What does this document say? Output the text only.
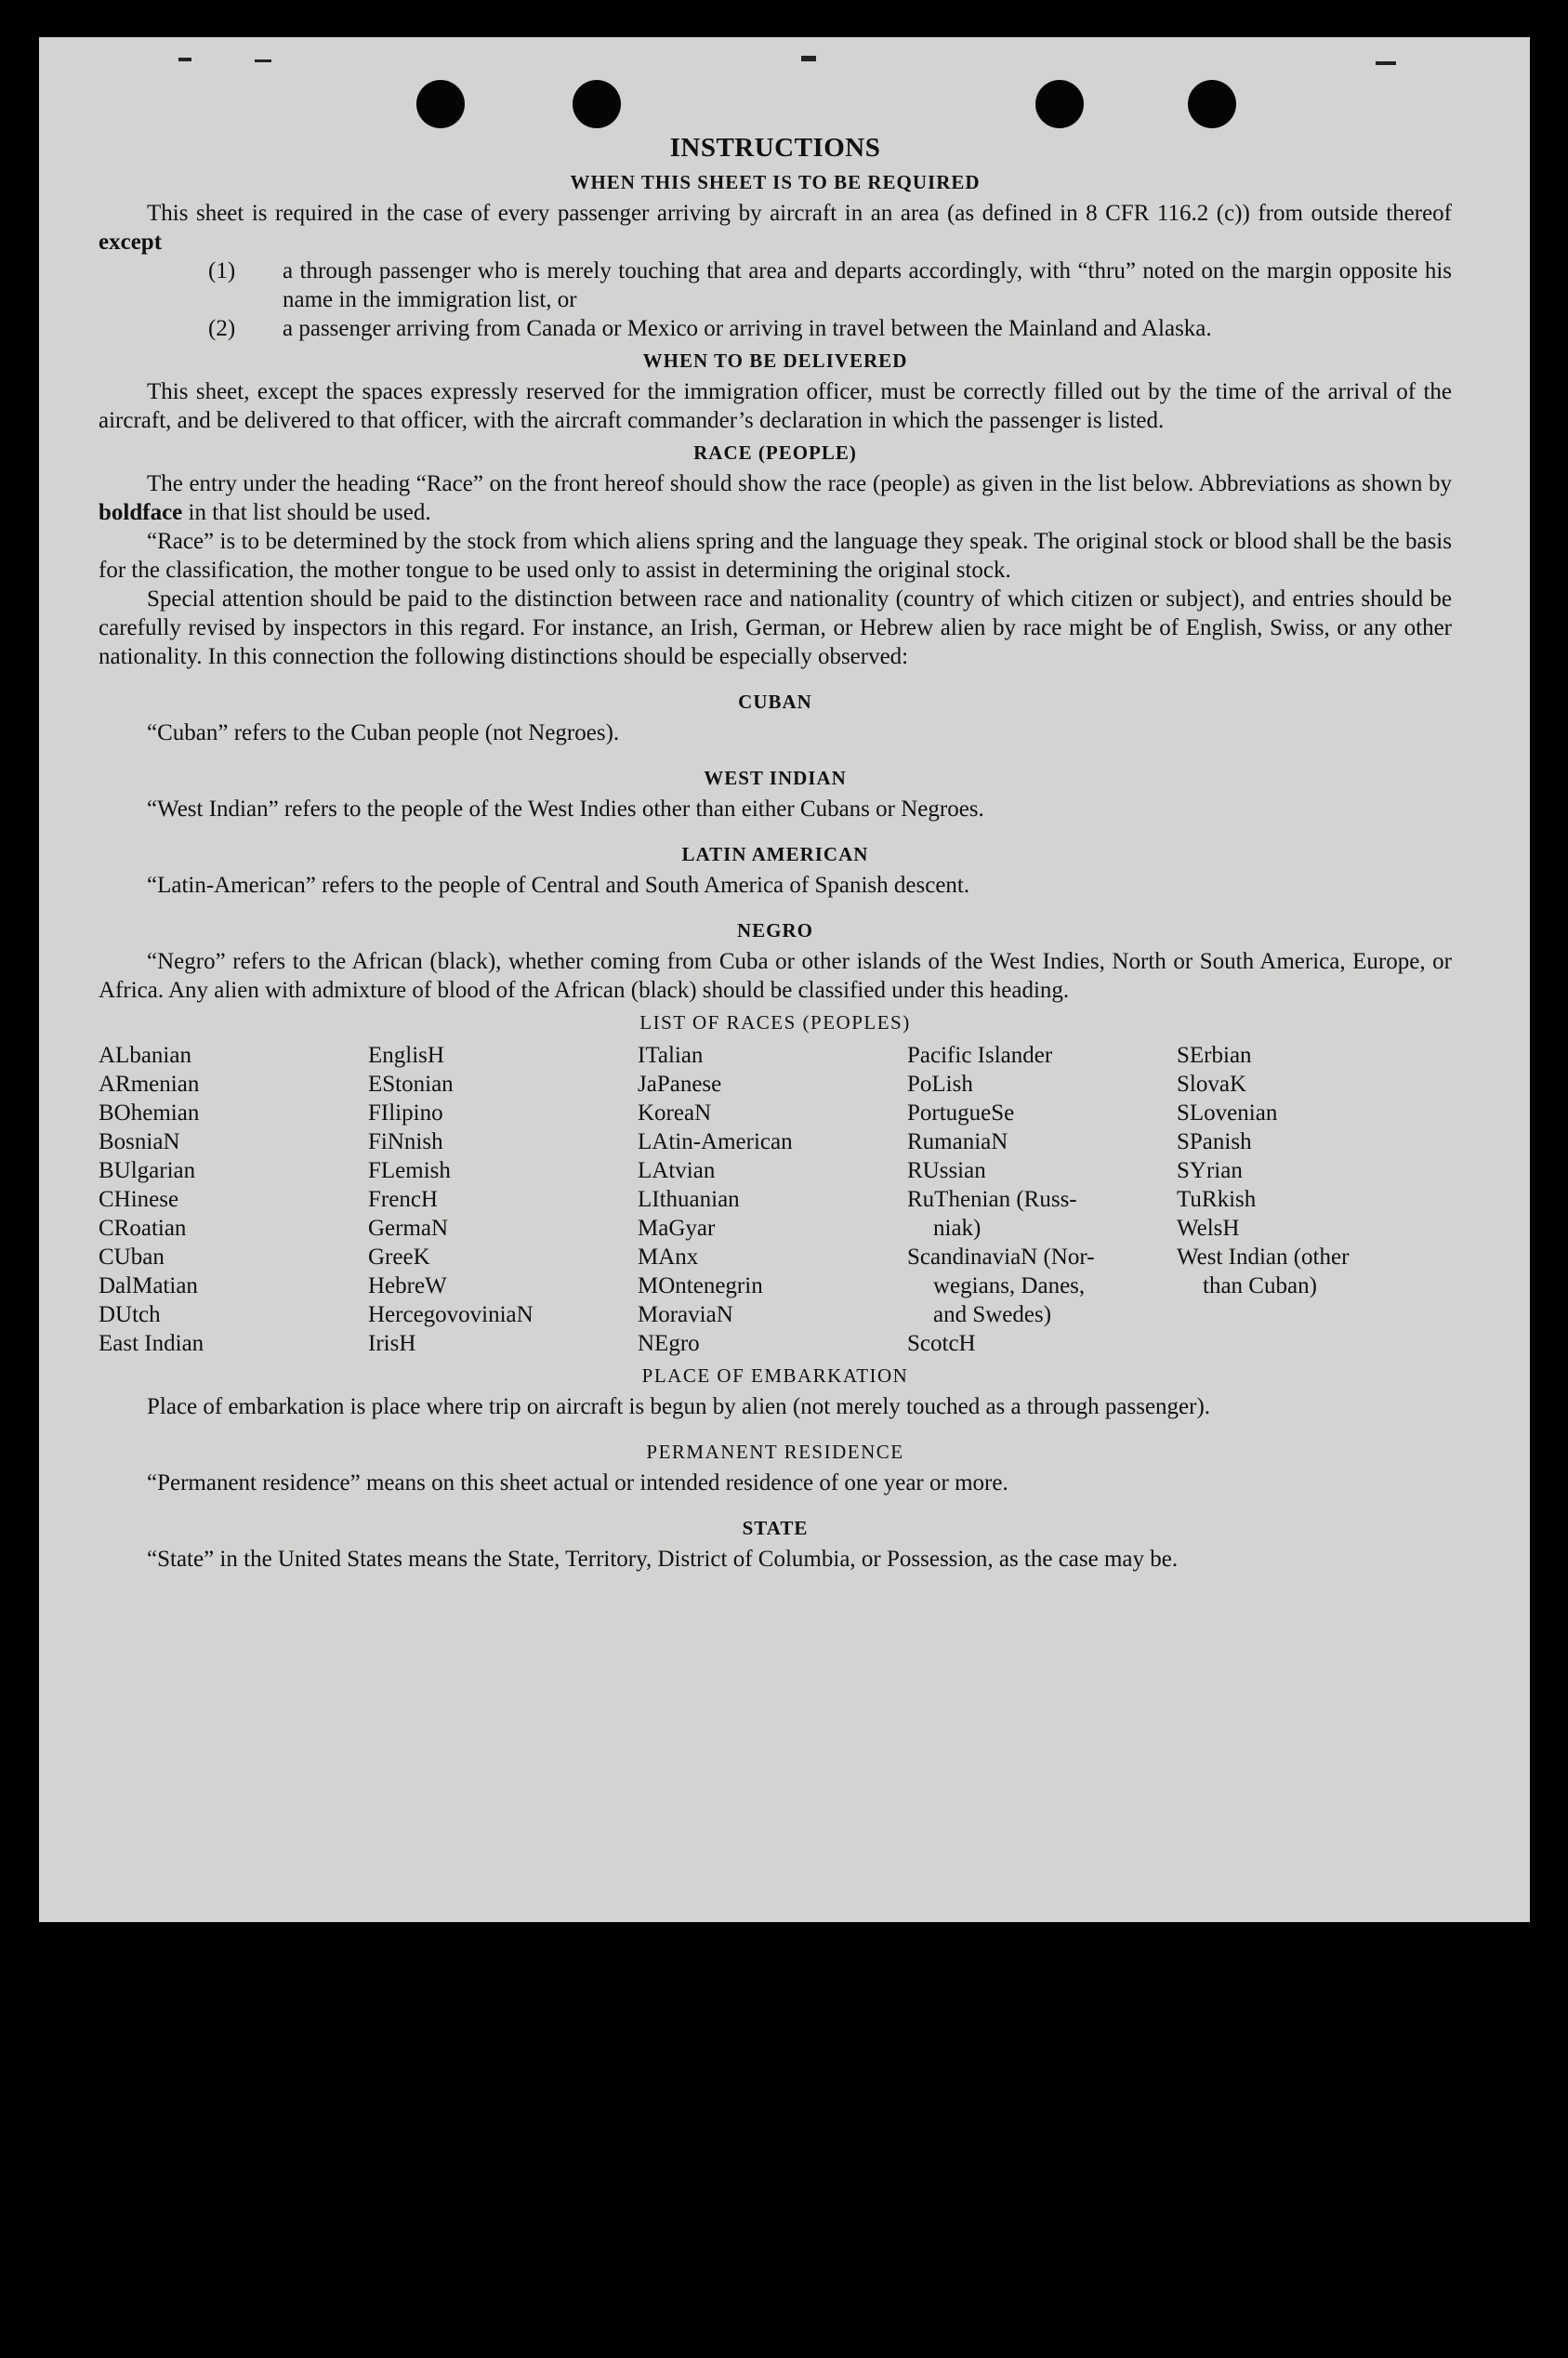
INSTRUCTIONS
WHEN THIS SHEET IS TO BE REQUIRED

This sheet is required in the case of every passenger arriving by aircraft in an area (as defined in 8 CFR 116.2 (c)) from outside thereof except

(1) a through passenger who is merely touching that area and departs accordingly, with “thru” noted on the margin opposite his name in the immigration list, or
(2) a passenger arriving from Canada or Mexico or arriving in travel between the Mainland and Alaska.
WHEN TO BE DELIVERED

This sheet, except the spaces expressly reserved for the immigration officer, must be correctly filled out by the time of the arrival of the aircraft, and be delivered to that officer, with the aircraft commander’s declaration in which the passenger is listed.

RACE (PEOPLE)

The entry under the heading “Race” on the front hereof should show the race (people) as given in the list below. Abbreviations as shown by boldface in that list should be used.

“Race” is to be determined by the stock from which aliens spring and the language they speak. The original stock or blood shall be the basis for the classification, the mother tongue to be used only to assist in determining the original stock.

Special attention should be paid to the distinction between race and nationality (country of which citizen or subject), and entries should be carefully revised by inspectors in this regard. For instance, an Irish, German, or Hebrew alien by race might be of English, Swiss, or any other nationality. In this connection the following distinctions should be especially observed:

CUBAN

“Cuban” refers to the Cuban people (not Negroes).

WEST INDIAN

“West Indian” refers to the people of the West Indies other than either Cubans or Negroes.

LATIN AMERICAN

“Latin-American” refers to the people of Central and South America of Spanish descent.

NEGRO

“Negro” refers to the African (black), whether coming from Cuba or other islands of the West Indies, North or South America, Europe, or Africa. Any alien with admixture of blood of the African (black) should be classified under this heading.

LIST OF RACES (PEOPLES)
ALbanian
ARmenian
BOhemian
BosniaN
BUlgarian
CHinese
CRoatian
CUban
DalMatian
DUtch
East Indian
EnglisH
EStonian
FIlipino
FiNnish
FLemish
FrencH
GermaN
GreeK
HebreW
HercegovoviniaN
IrisH
ITalian
JaPanese
KoreaN
LAtin-American
LAtvian
LIthuanian
MaGyar
MAnx
MOntenegrin
MoraviaN
NEgro
Pacific Islander
PoLish
PortugueSe
RumaniaN
RUssian
RuThenian (Russ-
niak)
ScandinaviaN (Nor-
wegians, Danes,
and Swedes)
ScotcH
SErbian
SlovaK
SLovenian
SPanish
SYrian
TuRkish
WelsH
West Indian (other
than Cuban)
PLACE OF EMBARKATION

Place of embarkation is place where trip on aircraft is begun by alien (not merely touched as a through passenger).

PERMANENT RESIDENCE

“Permanent residence” means on this sheet actual or intended residence of one year or more.

STATE

“State” in the United States means the State, Territory, District of Columbia, or Possession, as the case may be.
